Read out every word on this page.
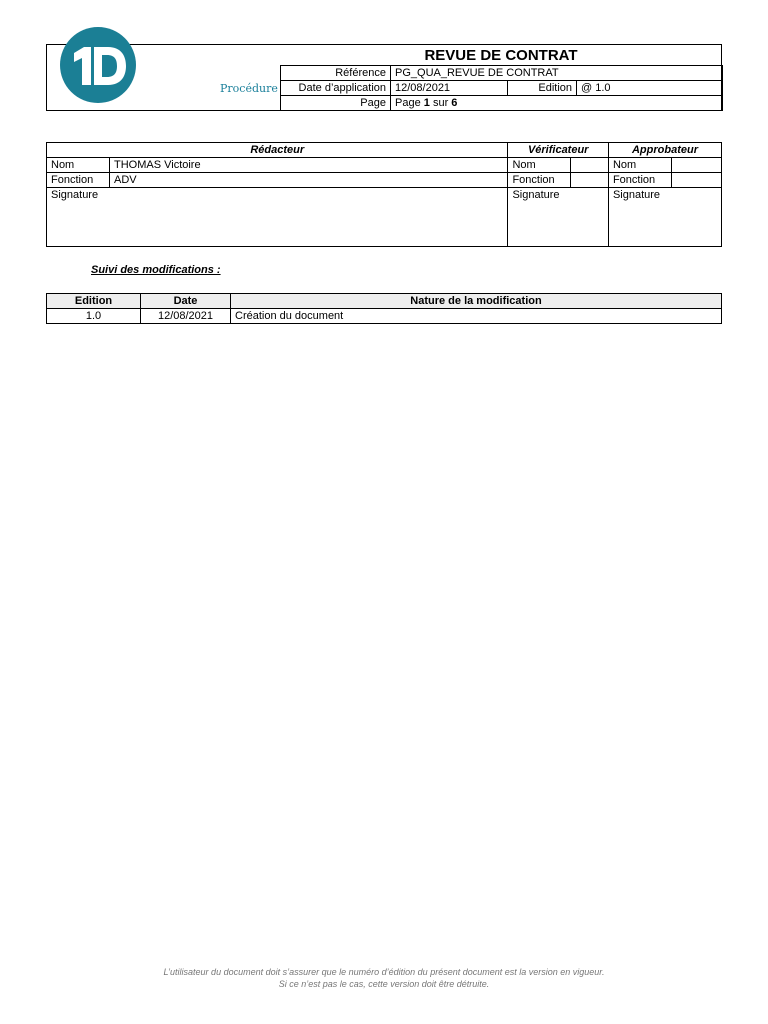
Procédure
REVUE DE CONTRAT
Référence	PG_QUA_REVUE DE CONTRAT		
Date d’application	12/08/2021	Edition	@ 1.0
Page	Page 1 sur 6		
Rédacteur		Vérificateur		Approbateur	
Nom	THOMAS Victoire	Nom		Nom	
Fonction	ADV	Fonction		Fonction	
Signature		Signature		Signature	
Suivi des modifications :
Edition	Date	Nature de la modification
1.0	12/08/2021	Création du document
L’utilisateur du document doit s’assurer que le numéro d’édition du présent document est la version en vigueur.
Si ce n’est pas le cas, cette version doit être détruite.
